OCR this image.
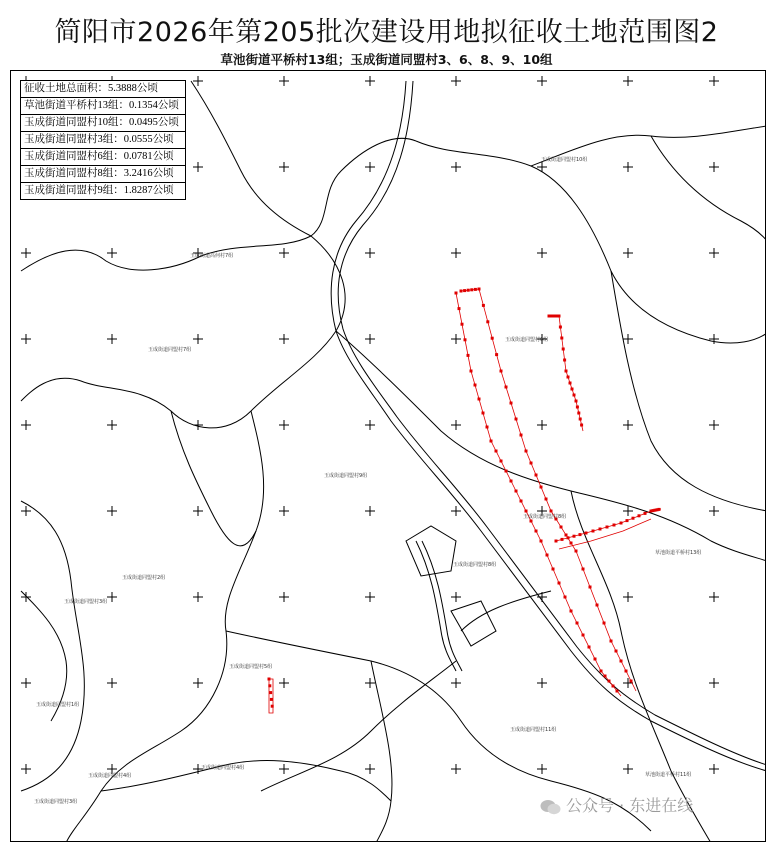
简阳市2026年第205批次建设用地拟征收土地范围图2
草池街道平桥村13组；玉成街道同盟村3、6、8、9、10组
征收土地总面积：5.3888公顷
草池街道平桥村13组：0.1354公顷
玉成街道同盟村10组：0.0495公顷
玉成街道同盟村3组：0.0555公顷
玉成街道同盟村6组：0.0781公顷
玉成街道同盟村8组：3.2416公顷
玉成街道同盟村9组：1.8287公顷
玉成街道同盟村10组
玉成街道高何村7组
玉成街道同盟村7组
玉成街道同盟村6组
玉成街道同盟村9组
玉成街道同盟村8组
玉成街道同盟村8组
玉成街道同盟村2组
玉成街道同盟村3组
草池街道平桥村13组
玉成街道同盟村5组
玉成街道同盟村1组
玉成街道同盟村4组
玉成街道同盟村4组
玉成街道同盟村11组
玉成街道同盟村3组
草池街道平桥村11组
公众号 · 东进在线
